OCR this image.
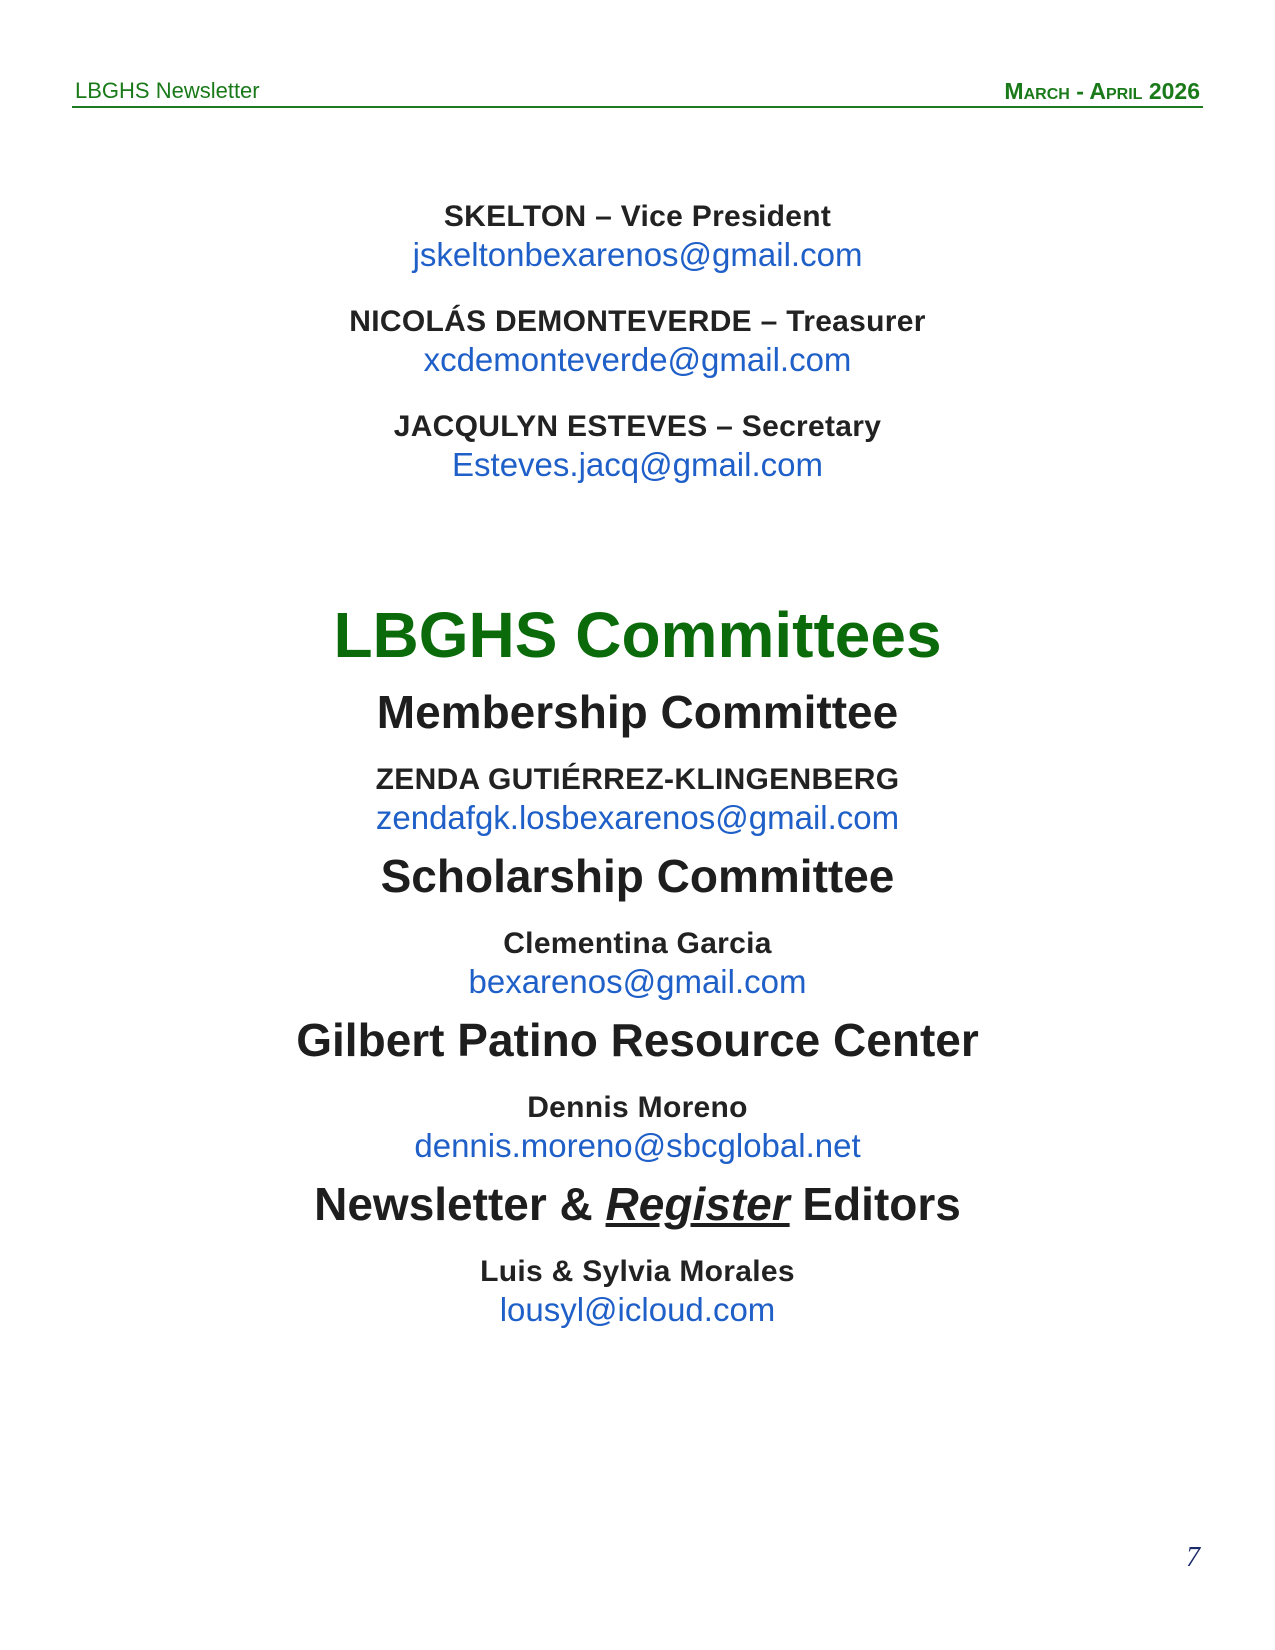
LBGHS Newsletter	March - April 2026
SKELTON – Vice President
jskeltonbexarenos@gmail.com
NICOLÁS DEMONTEVERDE – Treasurer
xcdemonteverde@gmail.com
JACQULYN ESTEVES – Secretary
Esteves.jacq@gmail.com
LBGHS Committees
Membership Committee
ZENDA GUTIÉRREZ-KLINGENBERG
zendafgk.losbexarenos@gmail.com
Scholarship Committee
Clementina Garcia
bexarenos@gmail.com
Gilbert Patino Resource Center
Dennis Moreno
dennis.moreno@sbcglobal.net
Newsletter & Register Editors
Luis & Sylvia Morales
lousyl@icloud.com
7
